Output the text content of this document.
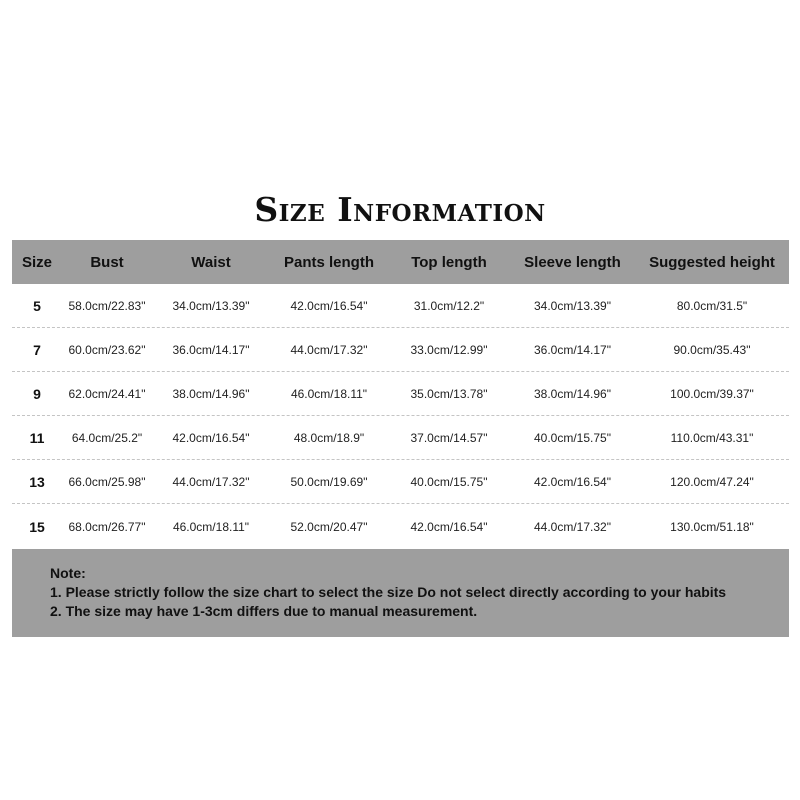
Size Information
Size	Bust	Waist	Pants length	Top length	Sleeve length	Suggested height
5	58.0cm/22.83"	34.0cm/13.39"	42.0cm/16.54"	31.0cm/12.2"	34.0cm/13.39"	80.0cm/31.5"
7	60.0cm/23.62"	36.0cm/14.17"	44.0cm/17.32"	33.0cm/12.99"	36.0cm/14.17"	90.0cm/35.43"
9	62.0cm/24.41"	38.0cm/14.96"	46.0cm/18.11"	35.0cm/13.78"	38.0cm/14.96"	100.0cm/39.37"
11	64.0cm/25.2"	42.0cm/16.54"	48.0cm/18.9"	37.0cm/14.57"	40.0cm/15.75"	110.0cm/43.31"
13	66.0cm/25.98"	44.0cm/17.32"	50.0cm/19.69"	40.0cm/15.75"	42.0cm/16.54"	120.0cm/47.24"
15	68.0cm/26.77"	46.0cm/18.11"	52.0cm/20.47"	42.0cm/16.54"	44.0cm/17.32"	130.0cm/51.18"
Note:
1. Please strictly follow the size chart to select the size Do not select directly according to your habits
2. The size may have 1-3cm differs due to manual measurement.
